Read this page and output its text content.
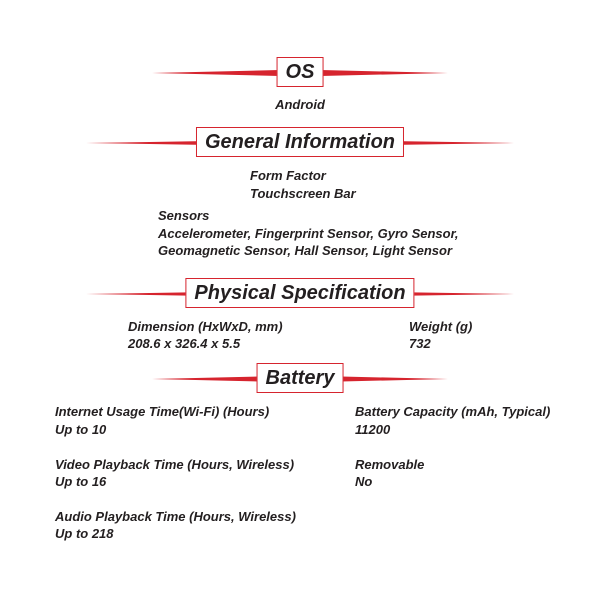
OS
Android
General Information
Form Factor
Touchscreen Bar
Sensors
Accelerometer, Fingerprint Sensor, Gyro Sensor,
Geomagnetic Sensor, Hall Sensor, Light Sensor
Physical Specification
Dimension (HxWxD, mm)
208.6 x 326.4 x 5.5
Weight (g)
732
Battery
Internet Usage Time(Wi-Fi) (Hours)
Up to 10
Battery Capacity (mAh, Typical)
11200
Video Playback Time (Hours, Wireless)
Up to 16
Removable
No
Audio Playback Time (Hours, Wireless)
Up to 218
